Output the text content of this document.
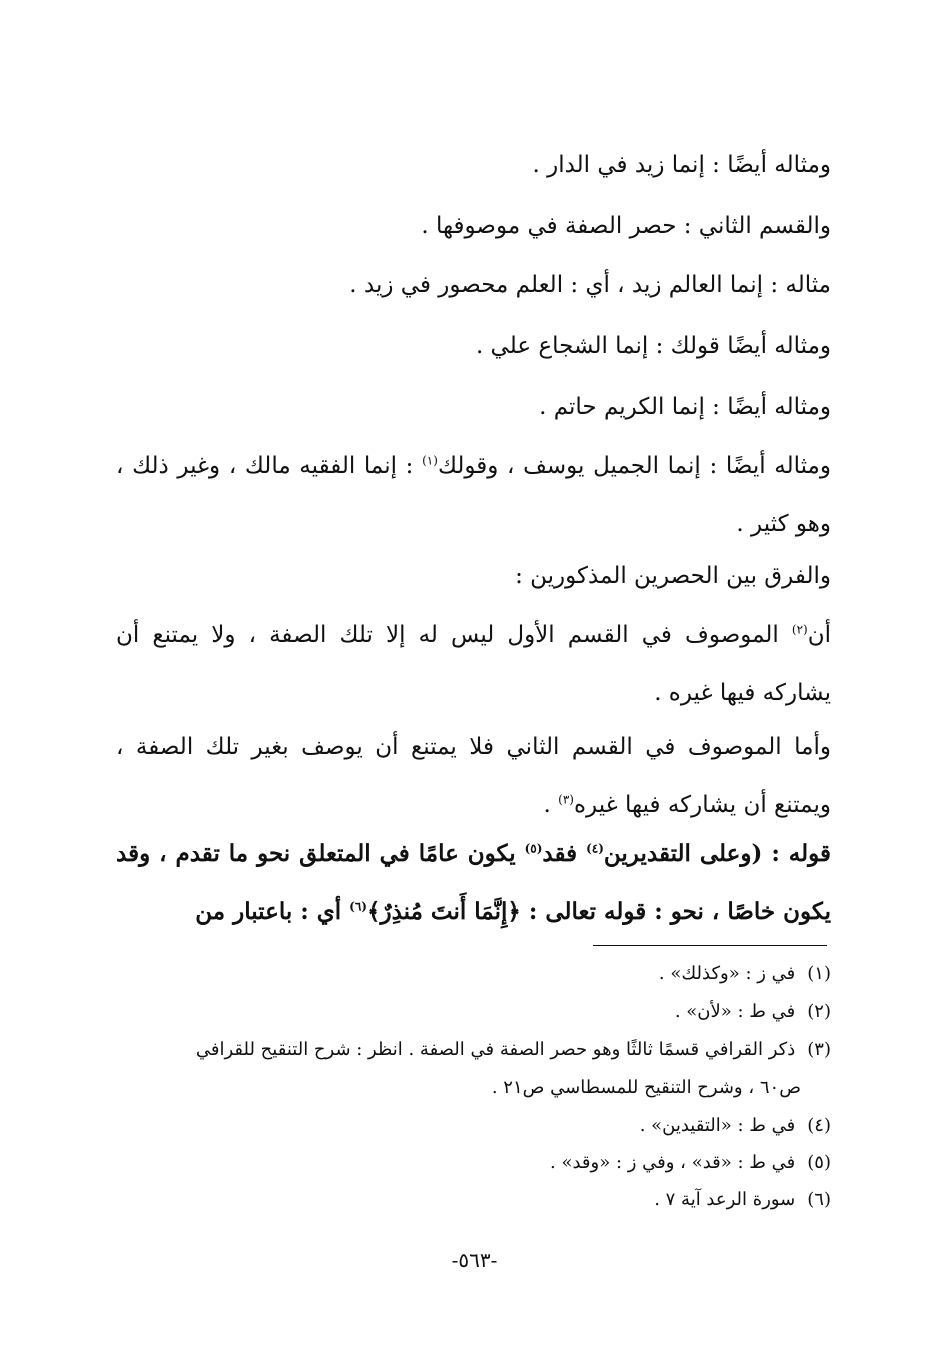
ومثاله أيضًا : إنما زيد في الدار .
والقسم الثاني : حصر الصفة في موصوفها .
مثاله : إنما العالم زيد ، أي : العلم محصور في زيد .
ومثاله أيضًا قولك : إنما الشجاع علي .
ومثاله أيضًا : إنما الكريم حاتم .
ومثاله أيضًا : إنما الجميل يوسف ، وقولك$^{(١)}$ : إنما الفقيه مالك ، وغير ذلك ، وهو كثير .
والفرق بين الحصرين المذكورين :
أن$^{(٢)}$ الموصوف في القسم الأول ليس له إلا تلك الصفة ، ولا يمتنع أن يشاركه فيها غيره .
وأما الموصوف في القسم الثاني فلا يمتنع أن يوصف بغير تلك الصفة ، ويمتنع أن يشاركه فيها غيره$^{(٣)}$ .
قوله : (وعلى التقديرين$^{(٤)}$ فقد$^{(٥)}$ يكون عامًا في المتعلق نحو ما تقدم ، وقد يكون خاصًا ، نحو : قوله تعالى : ﴿إِنَّمَا أَنتَ مُنذِرٌ﴾$^{(٦)}$ أي : باعتبار من
(١) في ز : «وكذلك» .
(٢) في ط : «لأن» .
(٣) ذكر القرافي قسمًا ثالثًا وهو حصر الصفة في الصفة . انظر : شرح التنقيح للقرافي
ص٦٠ ، وشرح التنقيح للمسطاسي ص٢١ .
(٤) في ط : «التقيدين» .
(٥) في ط : «قد» ، وفي ز : «وقد» .
(٦) سورة الرعد آية ٧ .
-٥٦٣-
